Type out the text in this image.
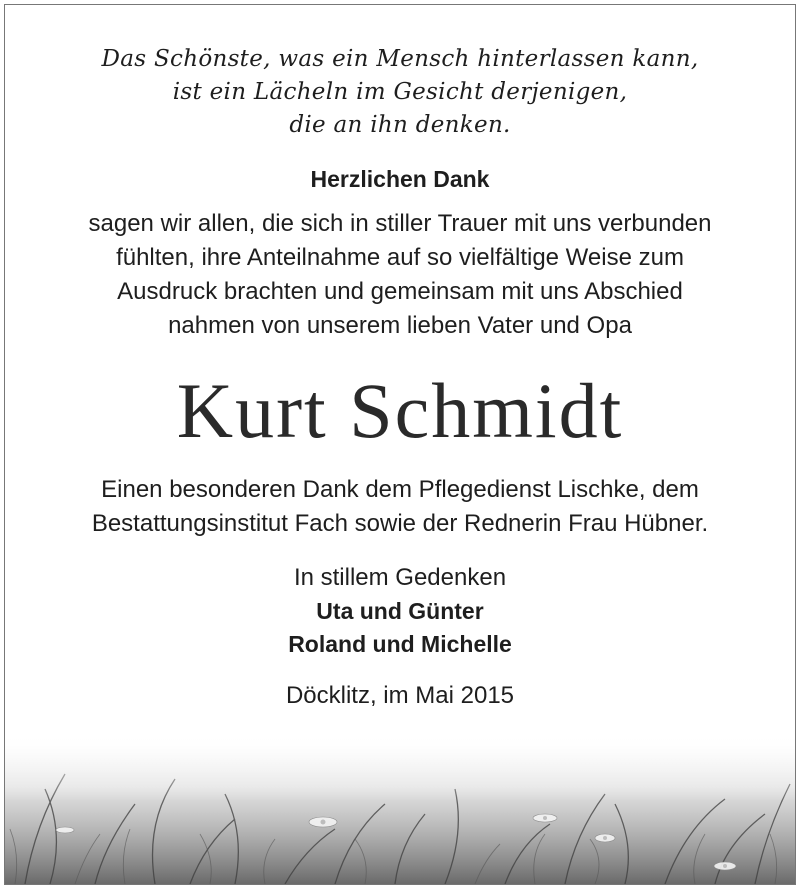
Das Schönste, was ein Mensch hinterlassen kann,
ist ein Lächeln im Gesicht derjenigen,
die an ihn denken.

Herzlichen Dank

sagen wir allen, die sich in stiller Trauer mit uns verbunden
fühlten, ihre Anteilnahme auf so vielfältige Weise zum
Ausdruck brachten und gemeinsam mit uns Abschied
nahmen von unserem lieben Vater und Opa

Kurt Schmidt

Einen besonderen Dank dem Pflegedienst Lischke, dem
Bestattungsinstitut Fach sowie der Rednerin Frau Hübner.

In stillem Gedenken

Uta und Günter

Roland und Michelle

Döcklitz, im Mai 2015
